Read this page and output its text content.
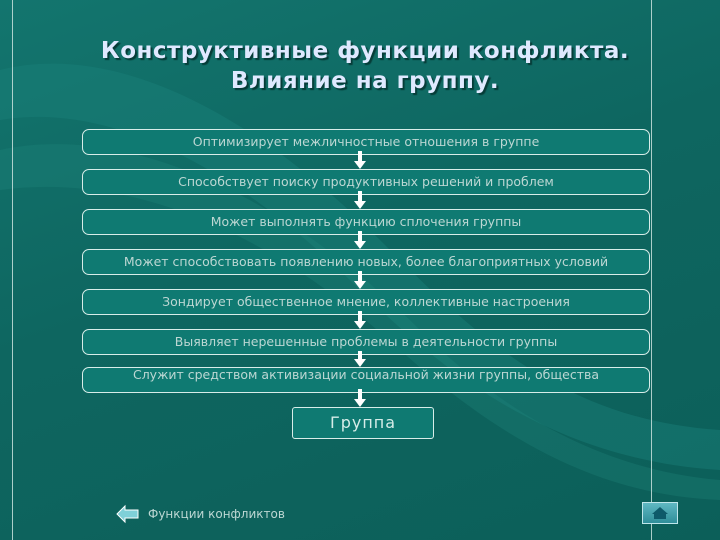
Конструктивные функции конфликта.
Влияние на группу.
Оптимизирует межличностные отношения в группе
Способствует поиску продуктивных решений и проблем
Может выполнять функцию сплочения группы
Может способствовать появлению новых, более благоприятных условий
Зондирует общественное мнение, коллективные настроения
Выявляет нерешенные проблемы в деятельности группы
Служит средством активизации социальной жизни группы, общества
Группа
Функции конфликтов
